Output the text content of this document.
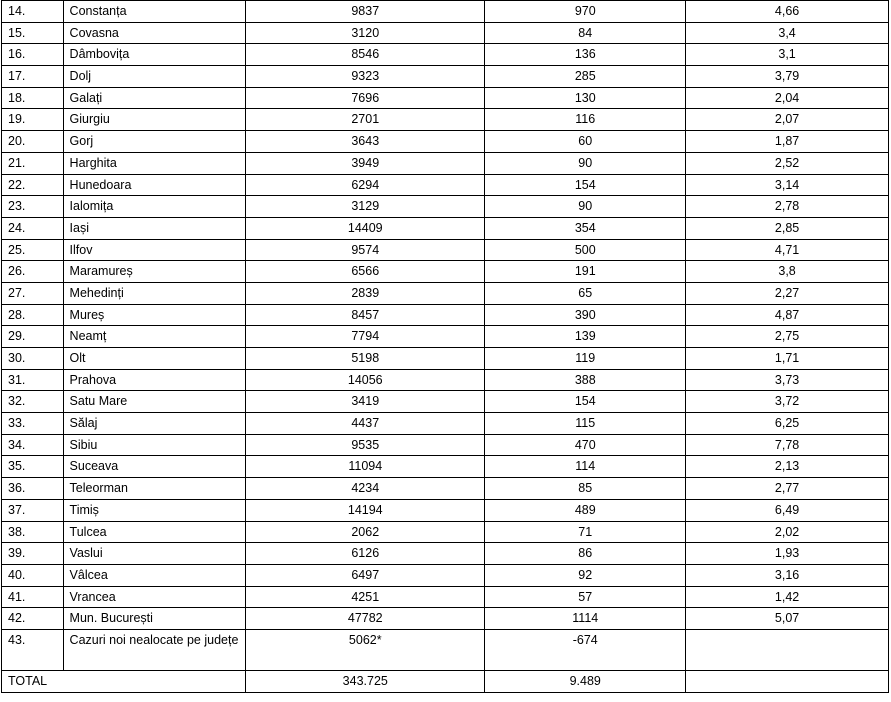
14.	Constanța	9837	970	4,66
15.	Covasna	3120	84	3,4
16.	Dâmbovița	8546	136	3,1
17.	Dolj	9323	285	3,79
18.	Galați	7696	130	2,04
19.	Giurgiu	2701	116	2,07
20.	Gorj	3643	60	1,87
21.	Harghita	3949	90	2,52
22.	Hunedoara	6294	154	3,14
23.	Ialomița	3129	90	2,78
24.	Iași	14409	354	2,85
25.	Ilfov	9574	500	4,71
26.	Maramureș	6566	191	3,8
27.	Mehedinți	2839	65	2,27
28.	Mureș	8457	390	4,87
29.	Neamț	7794	139	2,75
30.	Olt	5198	119	1,71
31.	Prahova	14056	388	3,73
32.	Satu Mare	3419	154	3,72
33.	Sălaj	4437	115	6,25
34.	Sibiu	9535	470	7,78
35.	Suceava	11094	114	2,13
36.	Teleorman	4234	85	2,77
37.	Timiș	14194	489	6,49
38.	Tulcea	2062	71	2,02
39.	Vaslui	6126	86	1,93
40.	Vâlcea	6497	92	3,16
41.	Vrancea	4251	57	1,42
42.	Mun. București	47782	1114	5,07
43.	Cazuri noi nealocate pe județe	5062*	-674	
TOTAL		343.725	9.489	
